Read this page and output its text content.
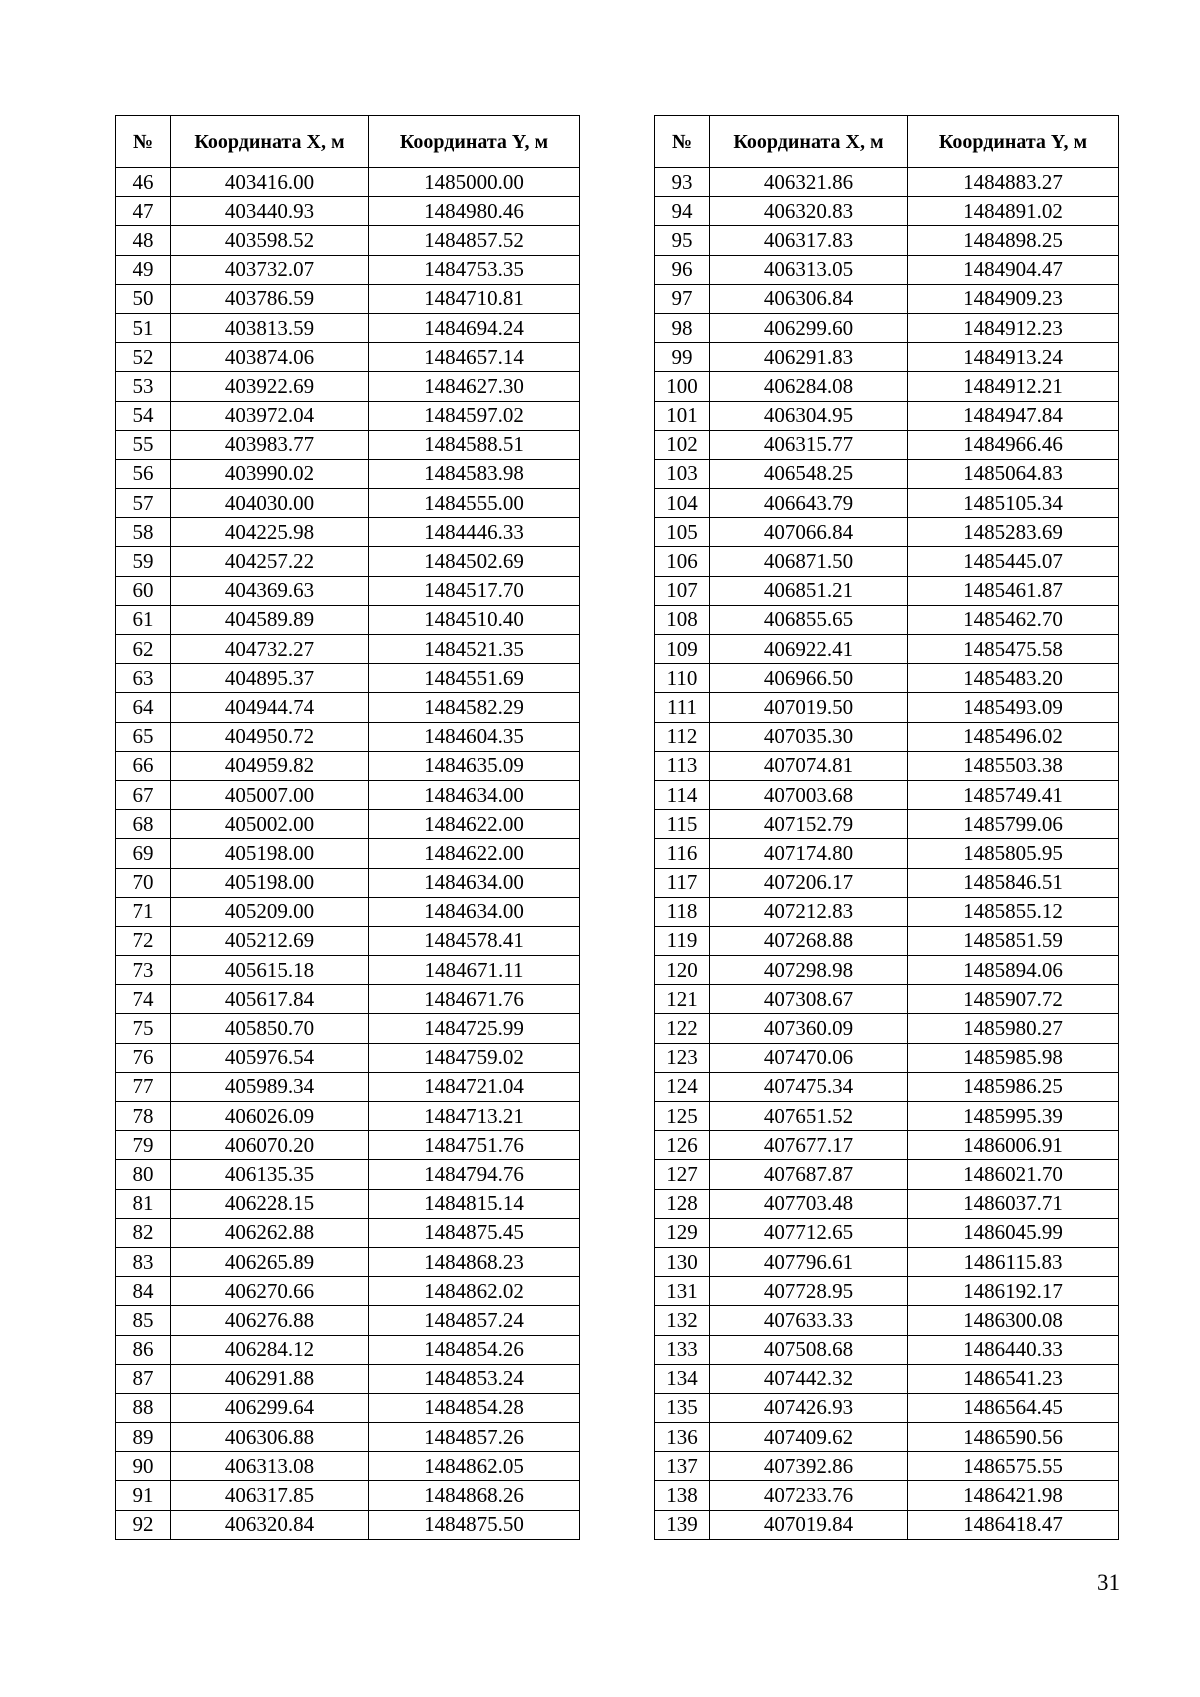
№	Координата Х, м	Координата Y, м
46	403416.00	1485000.00
47	403440.93	1484980.46
48	403598.52	1484857.52
49	403732.07	1484753.35
50	403786.59	1484710.81
51	403813.59	1484694.24
52	403874.06	1484657.14
53	403922.69	1484627.30
54	403972.04	1484597.02
55	403983.77	1484588.51
56	403990.02	1484583.98
57	404030.00	1484555.00
58	404225.98	1484446.33
59	404257.22	1484502.69
60	404369.63	1484517.70
61	404589.89	1484510.40
62	404732.27	1484521.35
63	404895.37	1484551.69
64	404944.74	1484582.29
65	404950.72	1484604.35
66	404959.82	1484635.09
67	405007.00	1484634.00
68	405002.00	1484622.00
69	405198.00	1484622.00
70	405198.00	1484634.00
71	405209.00	1484634.00
72	405212.69	1484578.41
73	405615.18	1484671.11
74	405617.84	1484671.76
75	405850.70	1484725.99
76	405976.54	1484759.02
77	405989.34	1484721.04
78	406026.09	1484713.21
79	406070.20	1484751.76
80	406135.35	1484794.76
81	406228.15	1484815.14
82	406262.88	1484875.45
83	406265.89	1484868.23
84	406270.66	1484862.02
85	406276.88	1484857.24
86	406284.12	1484854.26
87	406291.88	1484853.24
88	406299.64	1484854.28
89	406306.88	1484857.26
90	406313.08	1484862.05
91	406317.85	1484868.26
92	406320.84	1484875.50
№	Координата Х, м	Координата Y, м
93	406321.86	1484883.27
94	406320.83	1484891.02
95	406317.83	1484898.25
96	406313.05	1484904.47
97	406306.84	1484909.23
98	406299.60	1484912.23
99	406291.83	1484913.24
100	406284.08	1484912.21
101	406304.95	1484947.84
102	406315.77	1484966.46
103	406548.25	1485064.83
104	406643.79	1485105.34
105	407066.84	1485283.69
106	406871.50	1485445.07
107	406851.21	1485461.87
108	406855.65	1485462.70
109	406922.41	1485475.58
110	406966.50	1485483.20
111	407019.50	1485493.09
112	407035.30	1485496.02
113	407074.81	1485503.38
114	407003.68	1485749.41
115	407152.79	1485799.06
116	407174.80	1485805.95
117	407206.17	1485846.51
118	407212.83	1485855.12
119	407268.88	1485851.59
120	407298.98	1485894.06
121	407308.67	1485907.72
122	407360.09	1485980.27
123	407470.06	1485985.98
124	407475.34	1485986.25
125	407651.52	1485995.39
126	407677.17	1486006.91
127	407687.87	1486021.70
128	407703.48	1486037.71
129	407712.65	1486045.99
130	407796.61	1486115.83
131	407728.95	1486192.17
132	407633.33	1486300.08
133	407508.68	1486440.33
134	407442.32	1486541.23
135	407426.93	1486564.45
136	407409.62	1486590.56
137	407392.86	1486575.55
138	407233.76	1486421.98
139	407019.84	1486418.47
31
